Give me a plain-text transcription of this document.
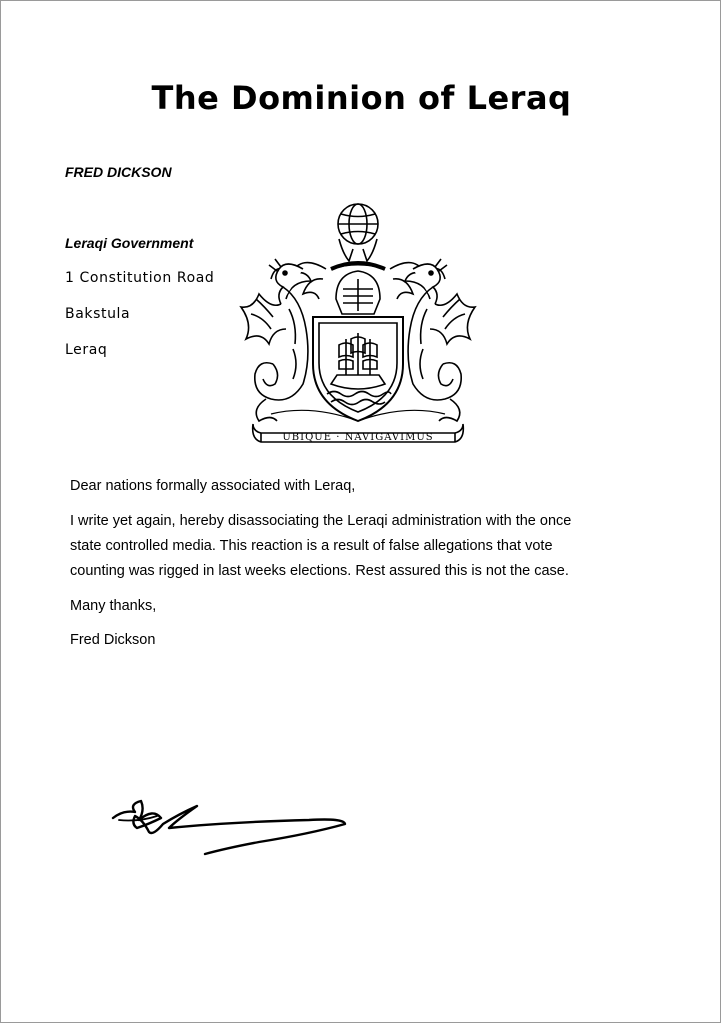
The Dominion of Leraq
FRED DICKSON
Leraqi Government
1 Constitution Road
Bakstula
Leraq
UBIQUE · NAVIGAVIMUS
Dear nations formally associated with Leraq,
I write yet again, hereby disassociating the Leraqi administration with the once
state controlled media. This reaction is a result of false allegations that vote
counting was rigged in last weeks elections. Rest assured this is not the case.
Many thanks,
Fred Dickson
